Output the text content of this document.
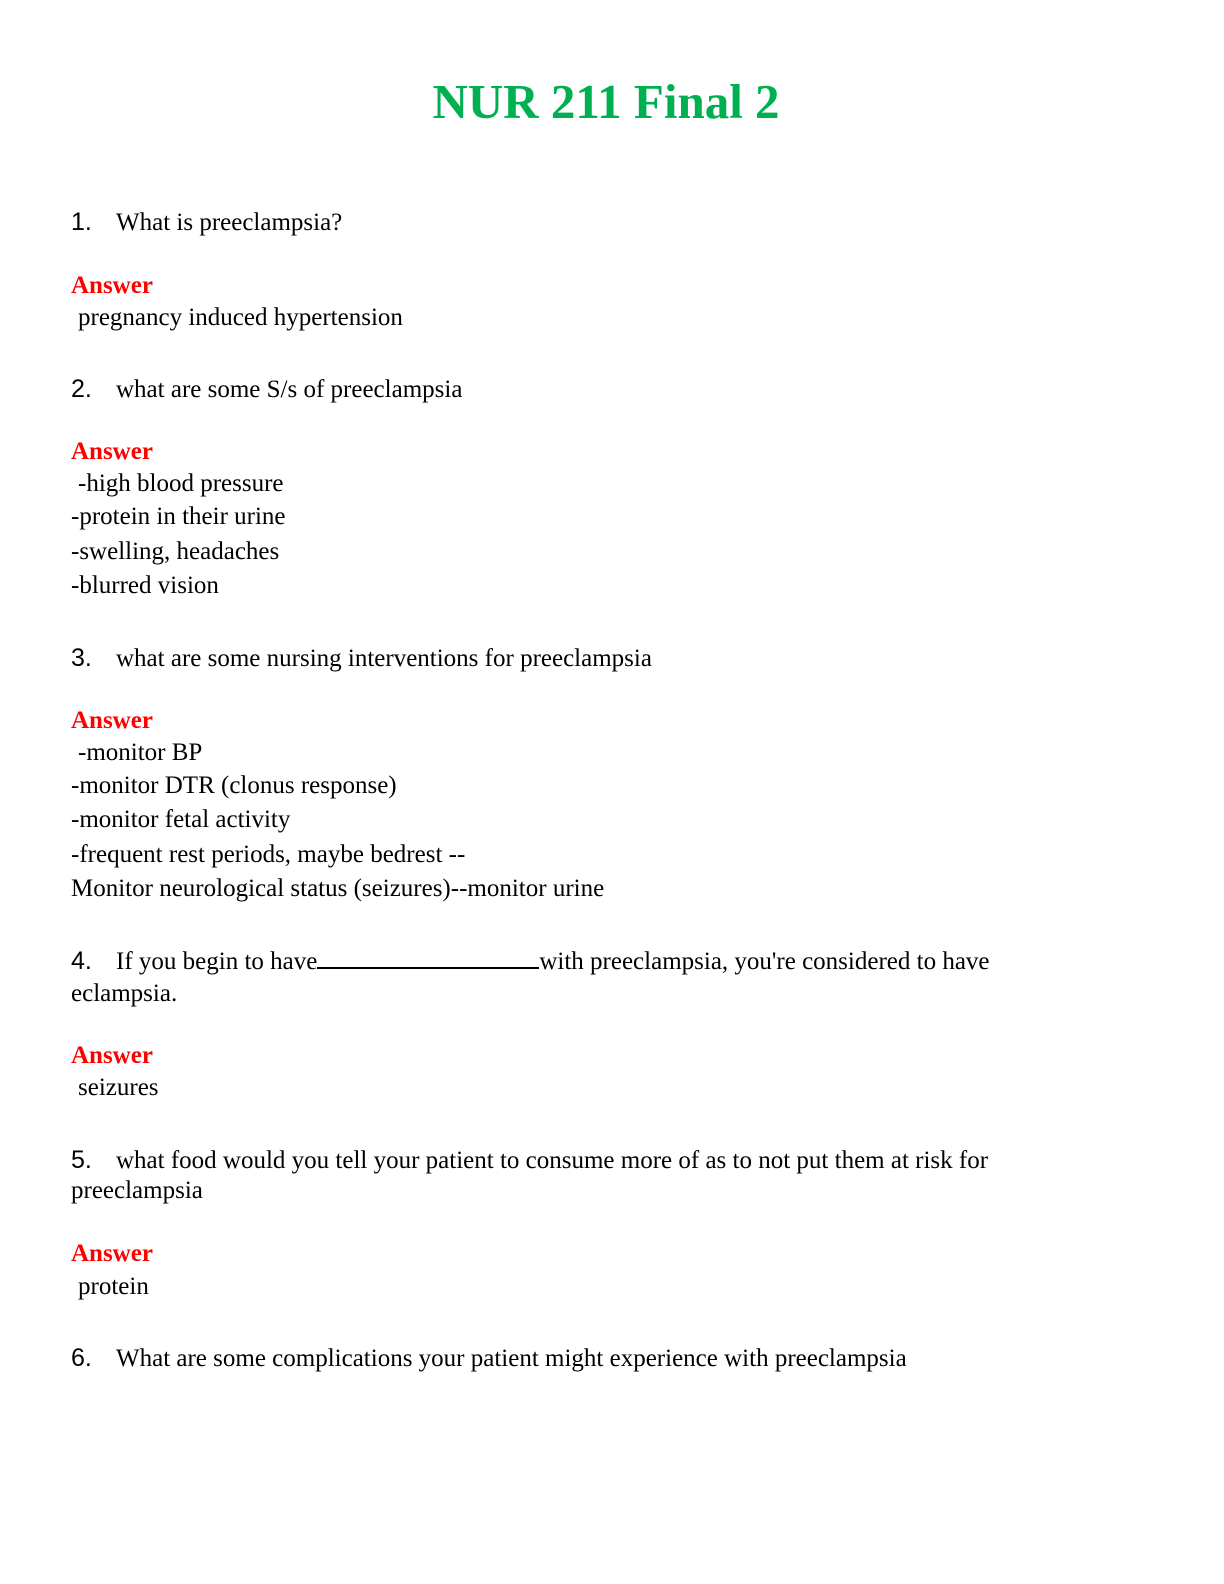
NUR 211 Final 2
1. What is preeclampsia?
Answer
pregnancy induced hypertension
2. what are some S/s of preeclampsia
Answer
-high blood pressure
-protein in their urine
-swelling, headaches
-blurred vision
3. what are some nursing interventions for preeclampsia
Answer
-monitor BP
-monitor DTR (clonus response)
-monitor fetal activity
-frequent rest periods, maybe bedrest --
Monitor neurological status (seizures)--monitor urine
4. If you begin to have	with preeclampsia, you're considered to have
eclampsia.
Answer
seizures
5. what food would you tell your patient to consume more of as to not put them at risk for
preeclampsia
Answer
protein
6. What are some complications your patient might experience with preeclampsia
